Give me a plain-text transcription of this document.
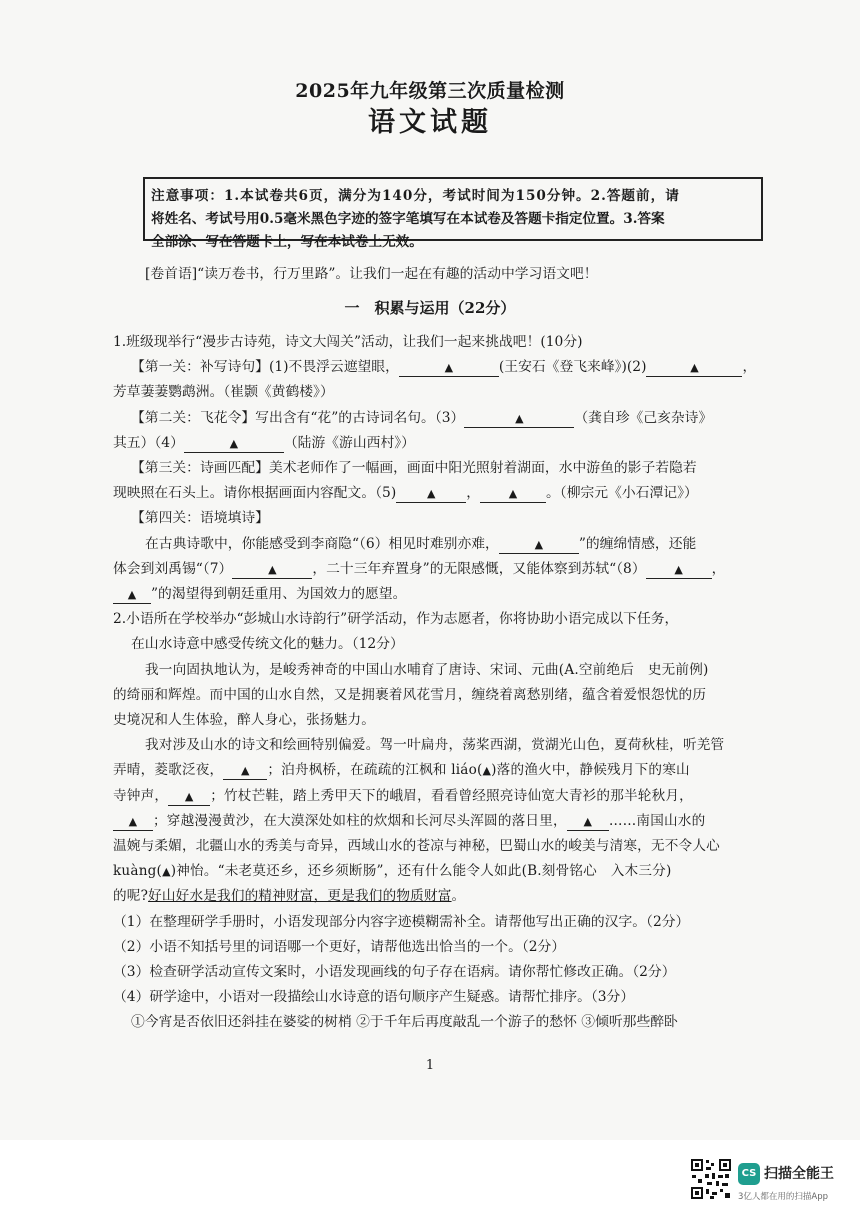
2025年九年级第三次质量检测
语文试题
注意事项：1.本试卷共6页，满分为140分，考试时间为150分钟。2.答题前，请
将姓名、考试号用0.5毫米黑色字迹的签字笔填写在本试卷及答题卡指定位置。3.答案
全部涂、写在答题卡上，写在本试卷上无效。
[卷首语]“读万卷书，行万里路”。让我们一起在有趣的活动中学习语文吧！
一　积累与运用（22分）

1.班级现举行“漫步古诗苑，诗文大闯关”活动，让我们一起来挑战吧！(10分)

【第一关：补写诗句】(1)不畏浮云遮望眼，	▲	(王安石《登飞来峰》)(2)	▲	，

芳草萋萋鹦鹉洲。（崔颢《黄鹤楼》）

【第二关：飞花令】写出含有“花”的古诗词名句。（3）	▲	（龚自珍《己亥杂诗》

其五）（4）	▲	（陆游《游山西村》）

【第三关：诗画匹配】美术老师作了一幅画，画面中阳光照射着湖面，水中游鱼的影子若隐若

现映照在石头上。请你根据画面内容配文。（5)	▲ ，	▲ 。（柳宗元《小石潭记》）

【第四关：语境填诗】

在古典诗歌中，你能感受到李商隐“（6）相见时难别亦难，	▲	”的缠绵情感，还能

体会到刘禹锡“（7）	▲	，二十三年弃置身”的无限感慨，又能体察到苏轼“（8）	▲ ，

▲ ”的渴望得到朝廷重用、为国效力的愿望。

2.小语所在学校举办“彭城山水诗韵行”研学活动，作为志愿者，你将协助小语完成以下任务，

在山水诗意中感受传统文化的魅力。（12分）

我一向固执地认为，是峻秀神奇的中国山水哺育了唐诗、宋词、元曲(A.空前绝后　史无前例)

的绮丽和辉煌。而中国的山水自然，又是拥裹着风花雪月，缠绕着离愁别绪，蕴含着爱恨怨忧的历

史境况和人生体验，醉人身心，张扬魅力。

我对涉及山水的诗文和绘画特别偏爱。驾一叶扁舟，荡桨西湖，赏湖光山色，夏荷秋桂，听羌管

弄晴，菱歌泛夜， ▲ ；泊舟枫桥，在疏疏的江枫和 liáo(▲)落的渔火中，静候残月下的寒山

寺钟声， ▲ ；竹杖芒鞋，踏上秀甲天下的峨眉，看看曾经照亮诗仙宽大青衫的那半轮秋月，

▲ ；穿越漫漫黄沙，在大漠深处如柱的炊烟和长河尽头浑圆的落日里， ▲ ……南国山水的

温婉与柔媚，北疆山水的秀美与奇异，西域山水的苍凉与神秘，巴蜀山水的峻美与清寒，无不令人心

kuàng(▲)神怡。“未老莫还乡，还乡须断肠”，还有什么能令人如此(B.刻骨铭心　入木三分)

的呢?好山好水是我们的精神财富，更是我们的物质财富。

（1）在整理研学手册时，小语发现部分内容字迹模糊需补全。请帮他写出正确的汉字。（2分）

（2）小语不知括号里的词语哪一个更好，请帮他选出恰当的一个。（2分）

（3）检查研学活动宣传文案时，小语发现画线的句子存在语病。请你帮忙修改正确。（2分）

（4）研学途中，小语对一段描绘山水诗意的语句顺序产生疑惑。请帮忙排序。（3分）

①今宵是否依旧还斜挂在婆娑的树梢 ②于千年后再度敲乱一个游子的愁怀 ③倾听那些醉卧

1
CS 扫描全能王
3亿人都在用的扫描App
